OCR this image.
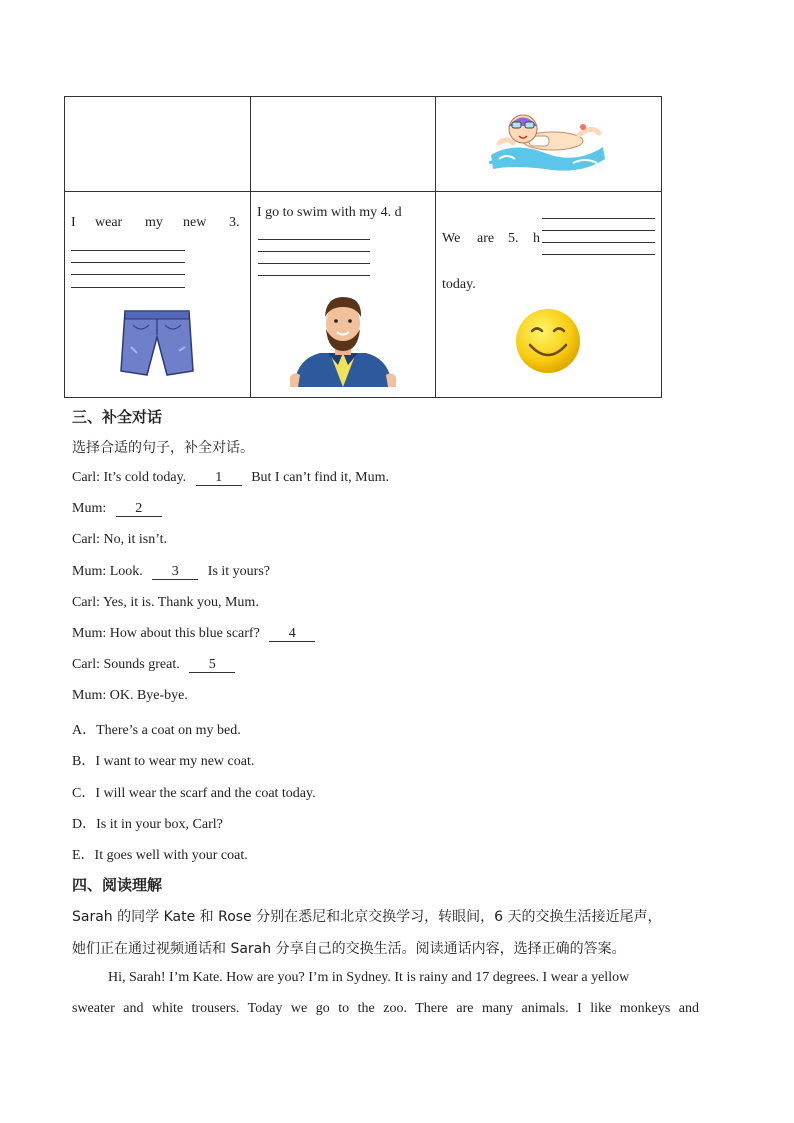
I wear my new 3.
I go to swim with my 4. d
We are 5. h
today.
三、补全对话
选择合适的句子，补全对话。
Carl: It’s cold today. 1 But I can’t find it, Mum.
Mum: 2
Carl: No, it isn’t.
Mum: Look. 3 Is it yours?
Carl: Yes, it is. Thank you, Mum.
Mum: How about this blue scarf? 4
Carl: Sounds great. 5
Mum: OK. Bye-bye.
A．There’s a coat on my bed.
B．I want to wear my new coat.
C．I will wear the scarf and the coat today.
D．Is it in your box, Carl?
E．It goes well with your coat.
四、阅读理解
Sarah 的同学 Kate 和 Rose 分别在悉尼和北京交换学习，转眼间，6 天的交换生活接近尾声，
她们正在通过视频通话和 Sarah 分享自己的交换生活。阅读通话内容，选择正确的答案。
Hi, Sarah! I’m Kate. How are you? I’m in Sydney. It is rainy and 17 degrees. I wear a yellow
sweater and white trousers. Today we go to the zoo. There are many animals. I like monkeys and
